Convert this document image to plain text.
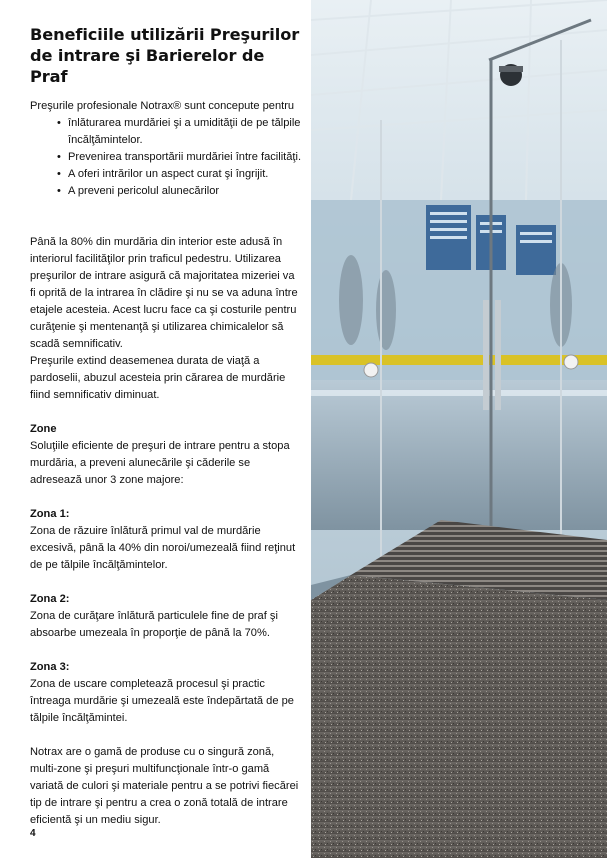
Beneficiile utilizării Preşurilor de intrare şi Barierelor de Praf

Preşurile profesionale Notrax® sunt concepute pentru

• înlăturarea murdăriei şi a umidităţii de pe tălpile încălţămintelor.
• Prevenirea transportării murdăriei între facilităţi.
• A oferi intrărilor un aspect curat şi îngrijit.
• A preveni pericolul alunecărilor

Până la 80% din murdăria din interior este adusă în interiorul facilităţilor prin traficul pedestru. Utilizarea preşurilor de intrare asigură că majoritatea mizeriei va fi oprită de la intrarea în clădire şi nu se va aduna între etajele acesteia. Acest lucru face ca şi costurile pentru curăţenie şi mentenanţă şi utilizarea chimicalelor să scadă semnificativ.

Preşurile extind deasemenea durata de viaţă a pardoselii, abuzul acesteia prin cărarea de murdărie fiind semnificativ diminuat.

Zone

Soluţiile eficiente de preşuri de intrare pentru a stopa murdăria, a preveni alunecările şi căderile se adresează unor 3 zone majore:

Zona 1:

Zona de răzuire înlătură primul val de murdărie excesivă, până la 40% din noroi/umezeală fiind reţinut de pe tălpile încălţămintelor.

Zona 2:

Zona de curăţare înlătură particulele fine de praf şi absoarbe umezeala în proporţie de până la 70%.

Zona 3:

Zona de uscare completează procesul şi practic întreaga murdărie şi umezeală este îndepărtată de pe tălpile încălţămintei.

Notrax are o gamă de produse cu o singură zonă, multi-zone şi preşuri multifuncţionale într-o gamă variată de culori şi materiale pentru a se potrivi fiecărei tip de intrare şi pentru a crea o zonă totală de intrare eficientă şi un mediu sigur.

4
